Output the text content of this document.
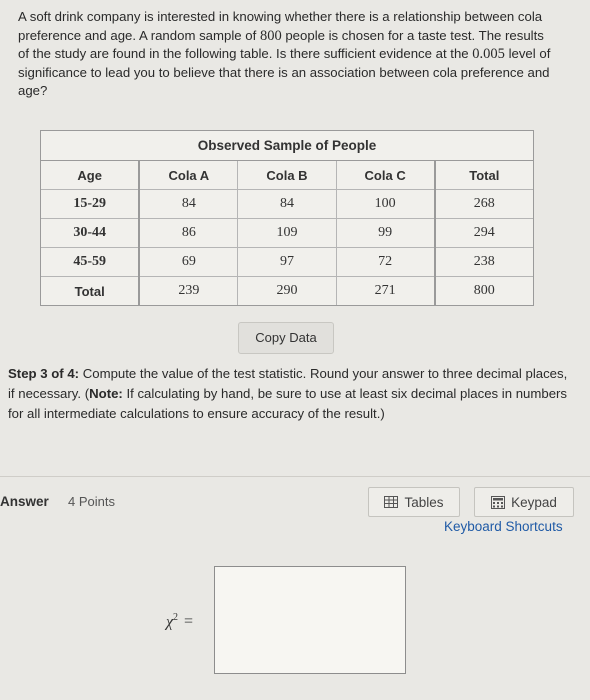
A soft drink company is interested in knowing whether there is a relationship between cola preference and age. A random sample of 800 people is chosen for a taste test. The results of the study are found in the following table. Is there sufficient evidence at the 0.005 level of significance to lead you to believe that there is an association between cola preference and age?
Observed Sample of People
Age	Cola A	Cola B	Cola C	Total
15-29	84	84	100	268
30-44	86	109	99	294
45-59	69	97	72	238
Total	239	290	271	800
Copy Data
Step 3 of 4: Compute the value of the test statistic. Round your answer to three decimal places, if necessary. (Note: If calculating by hand, be sure to use at least six decimal places in numbers for all intermediate calculations to ensure accuracy of the result.)
Answer 4 Points	Tables	Keypad
Keyboard Shortcuts
$\chi^2$ =
